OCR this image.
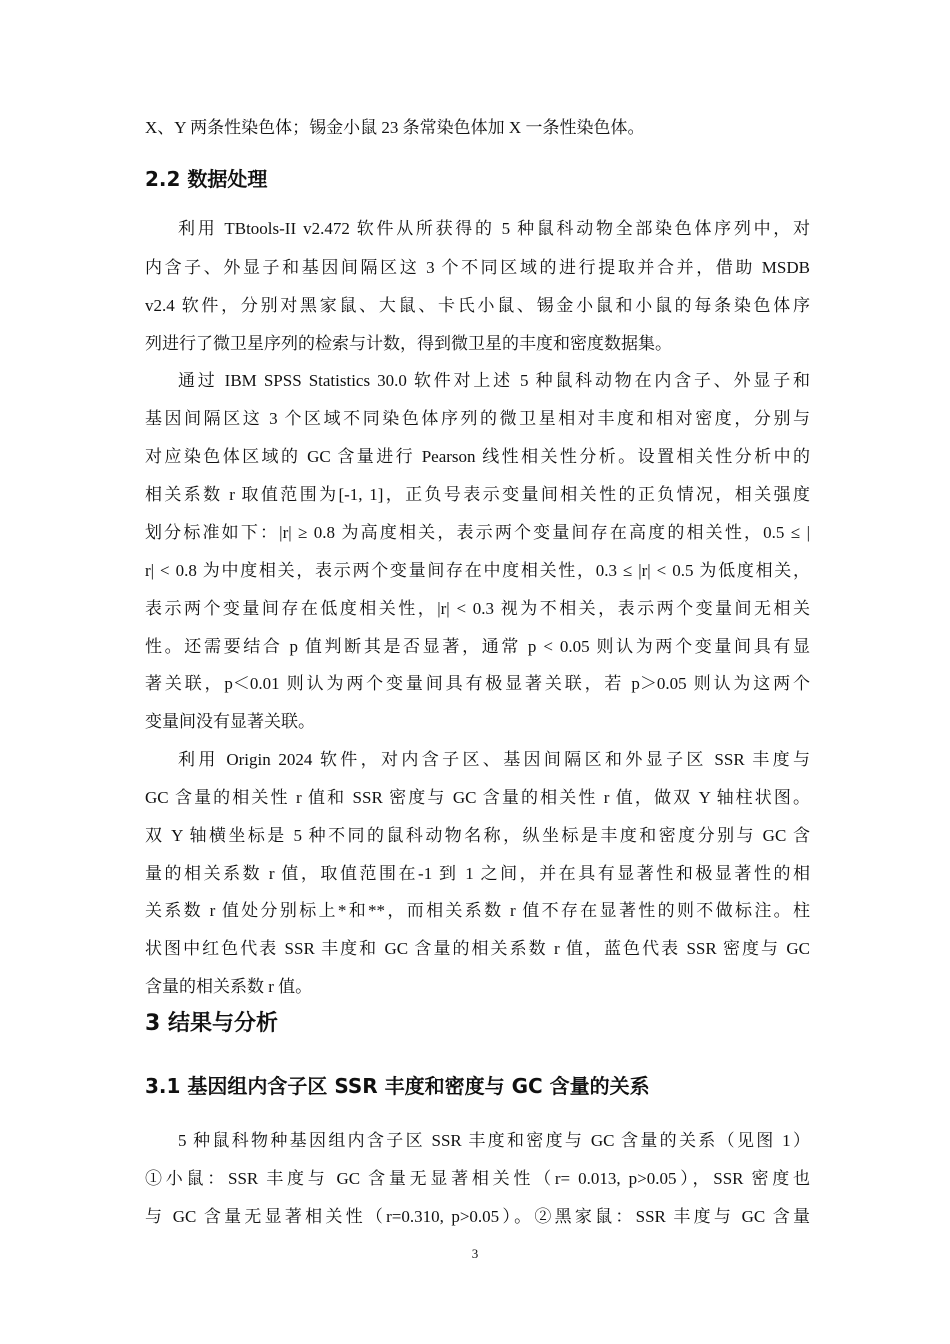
X、Y 两条性染色体；锡金小鼠 23 条常染色体加 X 一条性染色体。
2.2 数据处理
利用 TBtools-II v2.472 软件从所获得的 5 种鼠科动物全部染色体序列中，对
内含子、外显子和基因间隔区这 3 个不同区域的进行提取并合并，借助 MSDB
v2.4 软件，分别对黑家鼠、大鼠、卡氏小鼠、锡金小鼠和小鼠的每条染色体序
列进行了微卫星序列的检索与计数，得到微卫星的丰度和密度数据集。
通过 IBM SPSS Statistics 30.0 软件对上述 5 种鼠科动物在内含子、外显子和
基因间隔区这 3 个区域不同染色体序列的微卫星相对丰度和相对密度，分别与
对应染色体区域的 GC 含量进行 Pearson 线性相关性分析。设置相关性分析中的
相关系数 r 取值范围为[-1, 1]，正负号表示变量间相关性的正负情况，相关强度
划分标准如下：|r| ≥ 0.8 为高度相关，表示两个变量间存在高度的相关性，0.5 ≤ |
r| < 0.8 为中度相关，表示两个变量间存在中度相关性，0.3 ≤ |r| < 0.5 为低度相关，
表示两个变量间存在低度相关性，|r| < 0.3 视为不相关，表示两个变量间无相关
性。还需要结合 p 值判断其是否显著，通常 p < 0.05 则认为两个变量间具有显
著关联，p＜0.01 则认为两个变量间具有极显著关联，若 p＞0.05 则认为这两个
变量间没有显著关联。
利用 Origin 2024 软件，对内含子区、基因间隔区和外显子区 SSR 丰度与
GC 含量的相关性 r 值和 SSR 密度与 GC 含量的相关性 r 值，做双 Y 轴柱状图。
双 Y 轴横坐标是 5 种不同的鼠科动物名称，纵坐标是丰度和密度分别与 GC 含
量的相关系数 r 值，取值范围在-1 到 1 之间，并在具有显著性和极显著性的相
关系数 r 值处分别标上*和**，而相关系数 r 值不存在显著性的则不做标注。柱
状图中红色代表 SSR 丰度和 GC 含量的相关系数 r 值，蓝色代表 SSR 密度与 GC
含量的相关系数 r 值。
3 结果与分析
3.1 基因组内含子区 SSR 丰度和密度与 GC 含量的关系
5 种鼠科物种基因组内含子区 SSR 丰度和密度与 GC 含量的关系（见图 1）
①小鼠：SSR 丰度与 GC 含量无显著相关性（r= 0.013, p>0.05），SSR 密度也
与 GC 含量无显著相关性（r=0.310, p>0.05）。②黑家鼠：SSR 丰度与 GC 含量
3
